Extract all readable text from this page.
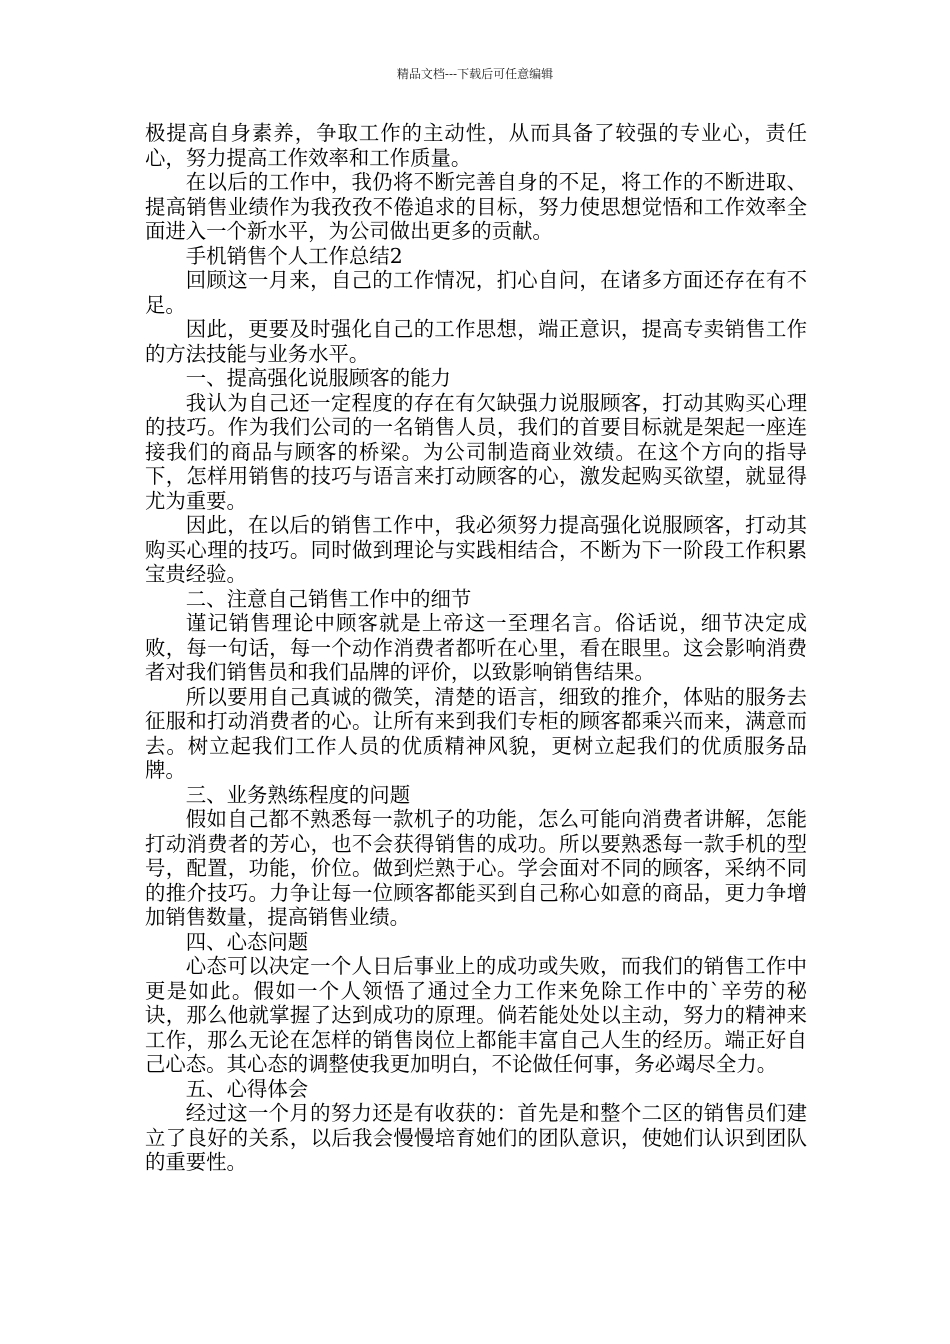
精品文档---下载后可任意编辑

极提高自身素养，争取工作的主动性，从而具备了较强的专业心，责任心，努力提高工作效率和工作质量。

在以后的工作中，我仍将不断完善自身的不足，将工作的不断进取、提高销售业绩作为我孜孜不倦追求的目标，努力使思想觉悟和工作效率全面进入一个新水平，为公司做出更多的贡献。

手机销售个人工作总结2

回顾这一月来，自己的工作情况，扪心自问，在诸多方面还存在有不足。

因此，更要及时强化自己的工作思想，端正意识，提高专卖销售工作的方法技能与业务水平。

一、提高强化说服顾客的能力

我认为自己还一定程度的存在有欠缺强力说服顾客，打动其购买心理的技巧。作为我们公司的一名销售人员，我们的首要目标就是架起一座连接我们的商品与顾客的桥梁。为公司制造商业效绩。在这个方向的指导下，怎样用销售的技巧与语言来打动顾客的心，激发起购买欲望，就显得尤为重要。

因此，在以后的销售工作中，我必须努力提高强化说服顾客，打动其购买心理的技巧。同时做到理论与实践相结合，不断为下一阶段工作积累宝贵经验。

二、注意自己销售工作中的细节

谨记销售理论中顾客就是上帝这一至理名言。俗话说，细节决定成败，每一句话，每一个动作消费者都听在心里，看在眼里。这会影响消费者对我们销售员和我们品牌的评价，以致影响销售结果。

所以要用自己真诚的微笑，清楚的语言，细致的推介，体贴的服务去征服和打动消费者的心。让所有来到我们专柜的顾客都乘兴而来，满意而去。树立起我们工作人员的优质精神风貌，更树立起我们的优质服务品牌。

三、业务熟练程度的问题

假如自己都不熟悉每一款机子的功能，怎么可能向消费者讲解，怎能打动消费者的芳心，也不会获得销售的成功。所以要熟悉每一款手机的型号，配置，功能，价位。做到烂熟于心。学会面对不同的顾客，采纳不同的推介技巧。力争让每一位顾客都能买到自己称心如意的商品，更力争增加销售数量，提高销售业绩。

四、心态问题

心态可以决定一个人日后事业上的成功或失败，而我们的销售工作中更是如此。假如一个人领悟了通过全力工作来免除工作中的`辛劳的秘诀，那么他就掌握了达到成功的原理。倘若能处处以主动，努力的精神来工作，那么无论在怎样的销售岗位上都能丰富自己人生的经历。端正好自己心态。其心态的调整使我更加明白，不论做任何事，务必竭尽全力。

五、心得体会

经过这一个月的努力还是有收获的：首先是和整个二区的销售员们建立了良好的关系，以后我会慢慢培育她们的团队意识，使她们认识到团队的重要性。
